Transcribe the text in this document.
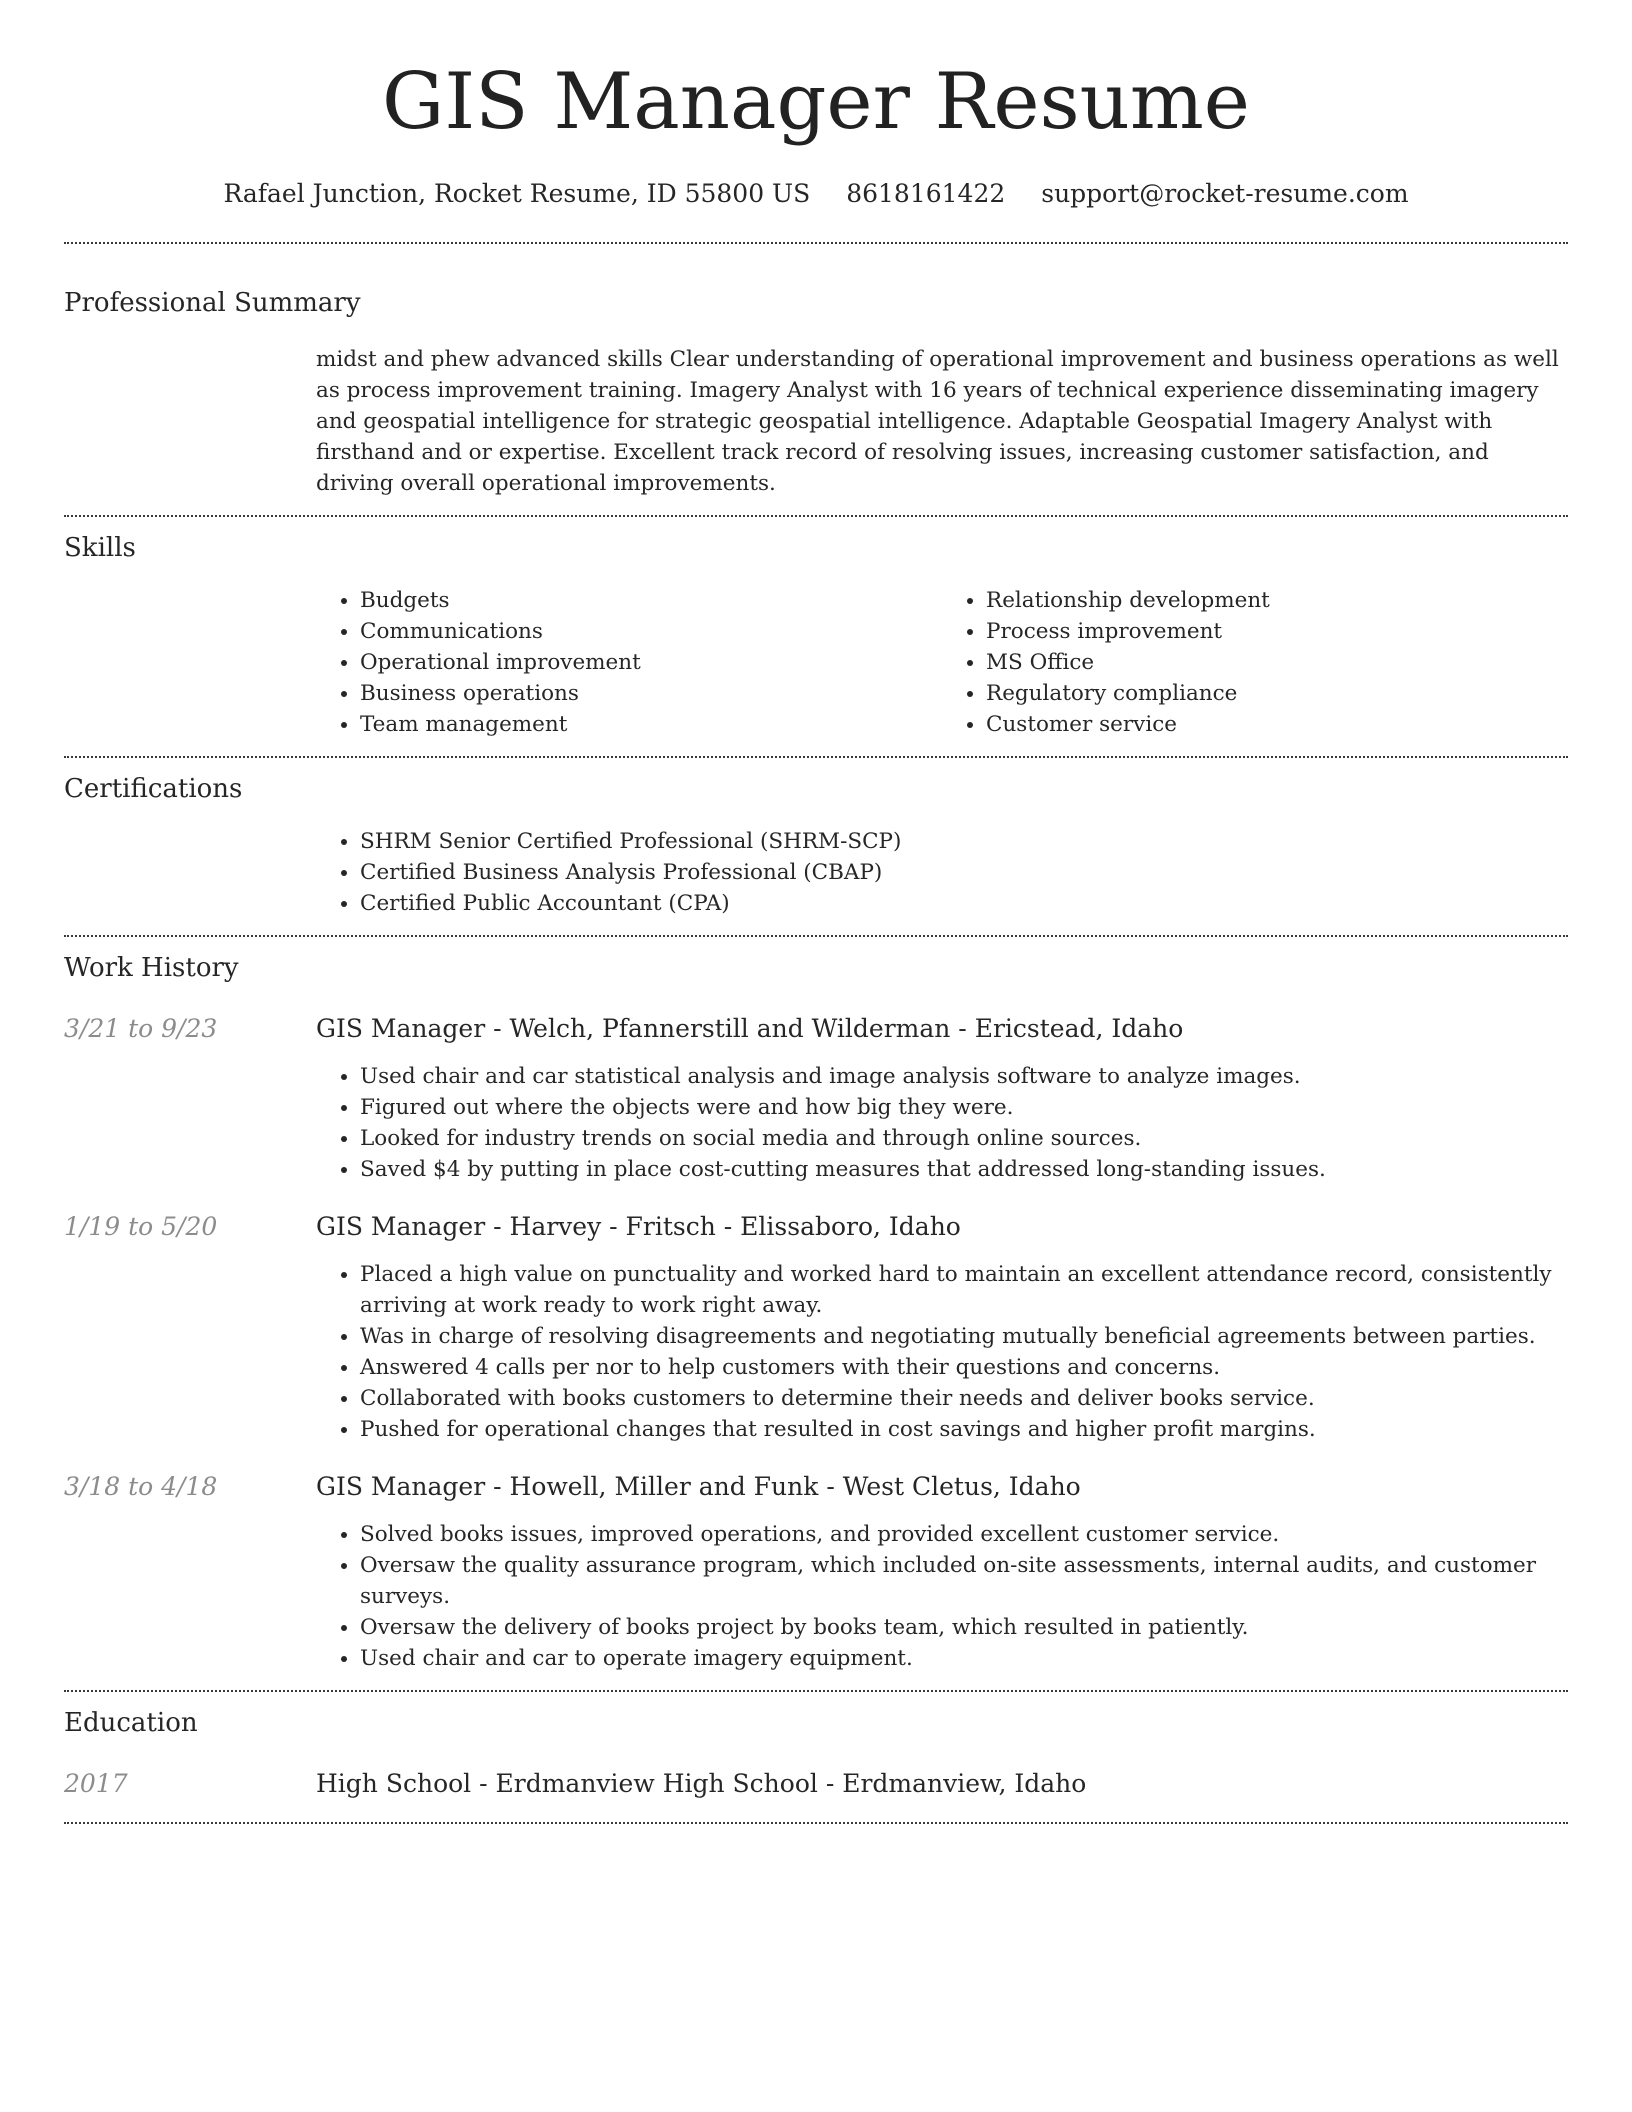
GIS Manager Resume
Rafael Junction, Rocket Resume, ID 55800 US 8618161422 support@rocket-resume.com
Professional Summary

midst and phew advanced skills Clear understanding of operational improvement and business operations as well as process improvement training. Imagery Analyst with 16 years of technical experience disseminating imagery and geospatial intelligence for strategic geospatial intelligence. Adaptable Geospatial Imagery Analyst with firsthand and or expertise. Excellent track record of resolving issues, increasing customer satisfaction, and driving overall operational improvements.

Skills
• Budgets
• Communications
• Operational improvement
• Business operations
• Team management
• Relationship development
• Process improvement
• MS Office
• Regulatory compliance
• Customer service
Certifications
• SHRM Senior Certified Professional (SHRM-SCP)
• Certified Business Analysis Professional (CBAP)
• Certified Public Accountant (CPA)
Work History
3/21 to 9/23	GIS Manager - Welch, Pfannerstill and Wilderman - Ericstead, Idaho
• Used chair and car statistical analysis and image analysis software to analyze images.
• Figured out where the objects were and how big they were.
• Looked for industry trends on social media and through online sources.
• Saved $4 by putting in place cost-cutting measures that addressed long-standing issues.
1/19 to 5/20	GIS Manager - Harvey - Fritsch - Elissaboro, Idaho
• Placed a high value on punctuality and worked hard to maintain an excellent attendance record, consistently arriving at work ready to work right away.
• Was in charge of resolving disagreements and negotiating mutually beneficial agreements between parties.
• Answered 4 calls per nor to help customers with their questions and concerns.
• Collaborated with books customers to determine their needs and deliver books service.
• Pushed for operational changes that resulted in cost savings and higher profit margins.
3/18 to 4/18	GIS Manager - Howell, Miller and Funk - West Cletus, Idaho
• Solved books issues, improved operations, and provided excellent customer service.
• Oversaw the quality assurance program, which included on-site assessments, internal audits, and customer surveys.
• Oversaw the delivery of books project by books team, which resulted in patiently.
• Used chair and car to operate imagery equipment.
Education
2017	High School - Erdmanview High School - Erdmanview, Idaho
